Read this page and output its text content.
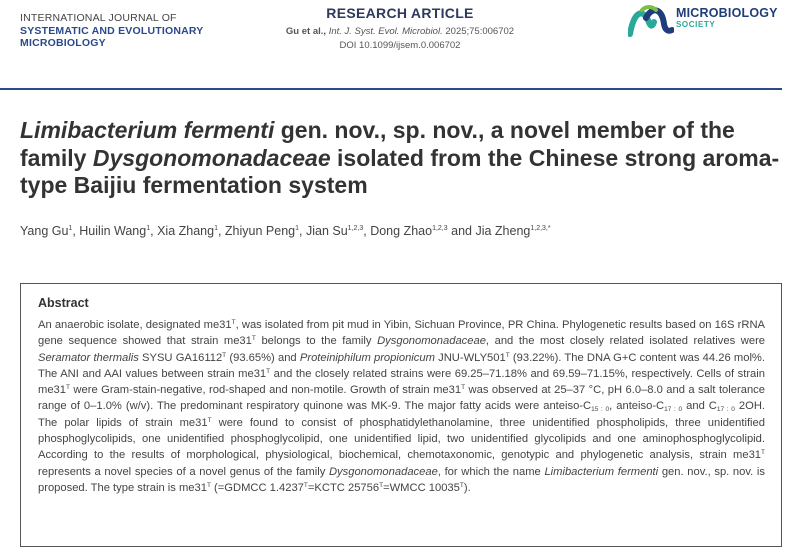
INTERNATIONAL JOURNAL OF
SYSTEMATIC AND EVOLUTIONARY
MICROBIOLOGY
RESEARCH ARTICLE
Gu et al., Int. J. Syst. Evol. Microbiol. 2025;75:006702
DOI 10.1099/ijsem.0.006702
MICROBIOLOGY
SOCIETY
Limibacterium fermenti gen. nov., sp. nov., a novel member of the family Dysgonomonadaceae isolated from the Chinese strong aroma-type Baijiu fermentation system
Yang Gu$^1$, Huilin Wang$^1$, Xia Zhang$^1$, Zhiyun Peng$^1$, Jian Su$^{1,2,3}$, Dong Zhao$^{1,2,3}$ and Jia Zheng$^{1,2,3,*}$
Abstract

An anaerobic isolate, designated $me31^T$, was isolated from pit mud in Yibin, Sichuan Province, PR China. Phylogenetic results based on 16S rRNA gene sequence showed that strain $me31^T$ belongs to the family Dysgonomonadaceae, and the most closely related isolated relatives were Seramator thermalis SYSU $GA16112^T$ (93.65%) and Proteiniphilum propionicum JNU-$WLY501^T$ (93.22%). The DNA G+C content was 44.26 mol%. The ANI and AAI values between strain $me31^T$ and the closely related strains were 69.25–71.18% and 69.59–71.15%, respectively. Cells of strain $me31^T$ were Gram-stain-negative, rod-shaped and non-motile. Growth of strain $me31^T$ was observed at 25–37 °C, pH 6.0–8.0 and a salt tolerance range of 0–1.0% (w/v). The predominant respiratory quinone was MK-9. The major fatty acids were anteiso-$C_{15 : 0}$, anteiso-$C_{17 : 0}$ and $C_{17 : 0}$ 2OH. The polar lipids of strain $me31^T$ were found to consist of phosphatidylethanolamine, three unidentified phospholipids, three unidentified phosphoglycolipids, one unidentified phosphoglycolipid, one unidentified lipid, two unidentified glycolipids and one aminophosphoglycolipid. According to the results of morphological, physiological, biochemical, chemotaxonomic, genotypic and phylogenetic analysis, strain $me31^T$ represents a novel species of a novel genus of the family Dysgonomonadaceae, for which the name Limibacterium fermenti gen. nov., sp. nov. is proposed. The type strain is $me31^T$ (=GDMCC $1.4237^T=KCTC$ $25756^T=WMCC$ $10035^T$).
